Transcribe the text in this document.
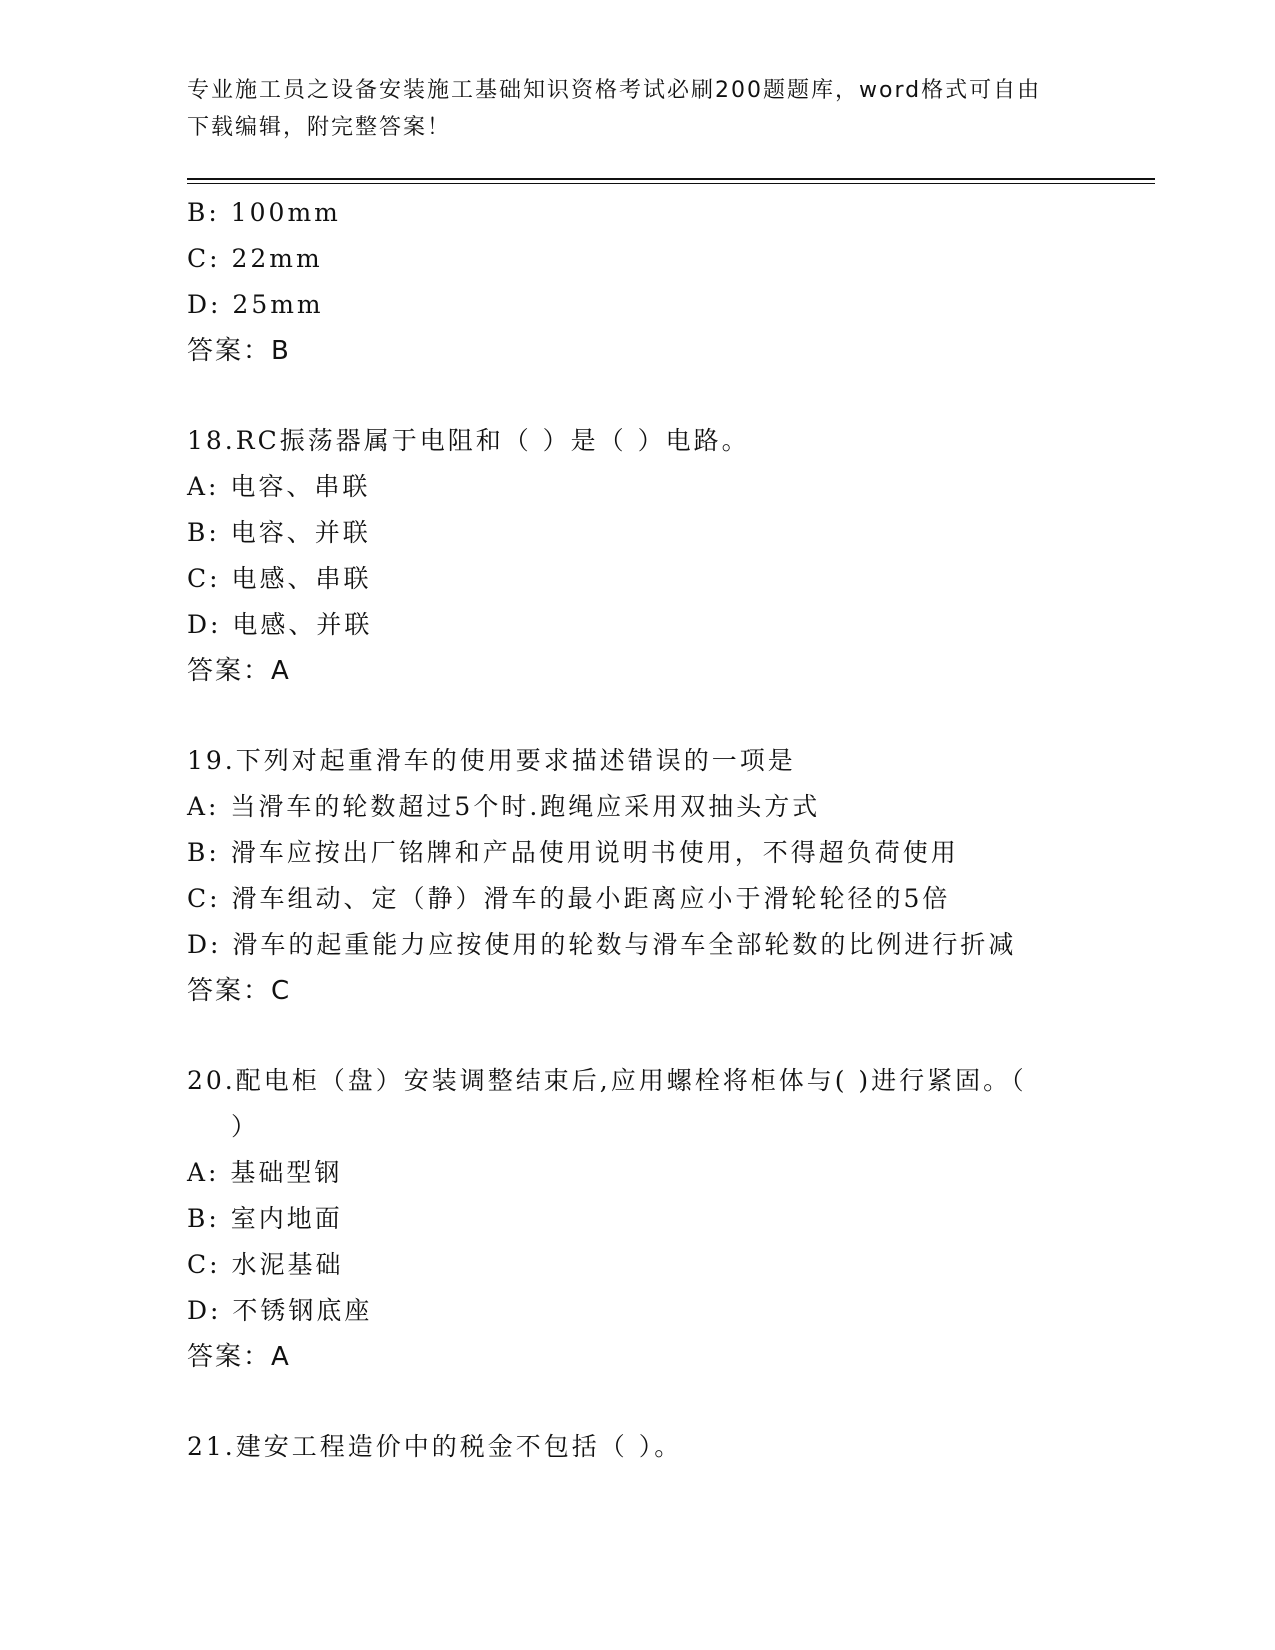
专业施工员之设备安装施工基础知识资格考试必刷200题题库，word格式可自由
下载编辑，附完整答案！
B: 100mm
C: 22mm
D: 25mm
答案：B
18.RC振荡器属于电阻和（ ）是（ ）电路。
A: 电容、串联
B: 电容、并联
C: 电感、串联
D: 电感、并联
答案：A
19.下列对起重滑车的使用要求描述错误的一项是
A: 当滑车的轮数超过5个时.跑绳应采用双抽头方式
B: 滑车应按出厂铭牌和产品使用说明书使用，不得超负荷使用
C: 滑车组动、定（静）滑车的最小距离应小于滑轮轮径的5倍
D: 滑车的起重能力应按使用的轮数与滑车全部轮数的比例进行折减
答案：C
20.配电柜（盘）安装调整结束后,应用螺栓将柜体与( )进行紧固。（
）
A: 基础型钢
B: 室内地面
C: 水泥基础
D: 不锈钢底座
答案：A
21.建安工程造价中的税金不包括（ ）。
